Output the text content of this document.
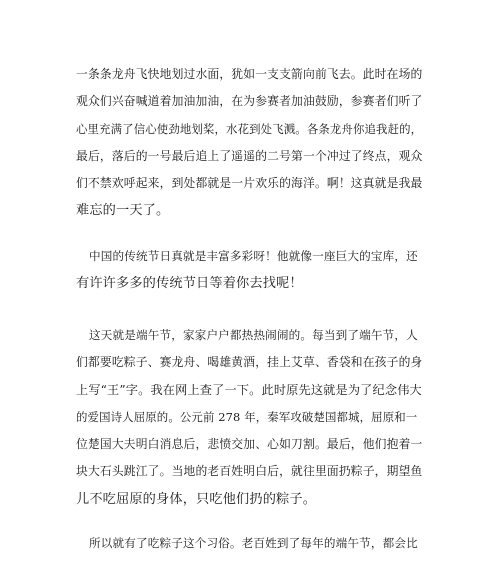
一条条龙舟飞快地划过水面，犹如一支支箭向前飞去。此时在场的
观众们兴奋喊道着加油加油，在为参赛者加油鼓励，参赛者们听了
心里充满了信心使劲地划桨，水花到处飞溅。各条龙舟你追我赶的，
最后，落后的一号最后追上了遥遥的二号第一个冲过了终点，观众
们不禁欢呼起来，到处都就是一片欢乐的海洋。啊！这真就是我最
难忘的一天了。
中国的传统节日真就是丰富多彩呀！他就像一座巨大的宝库，还
有许许多多的传统节日等着你去找呢！
这天就是端午节，家家户户都热热闹闹的。每当到了端午节，人
们都要吃粽子、赛龙舟、喝雄黄酒，挂上艾草、香袋和在孩子的身
上写“王”字。我在网上查了一下。此时原先这就是为了纪念伟大
的爱国诗人屈原的。公元前 278 年，秦军攻破楚国都城，屈原和一
位楚国大夫明白消息后，悲愤交加、心如刀割。最后，他们抱着一
块大石头跳江了。当地的老百姓明白后，就往里面扔粽子，期望鱼
儿不吃屈原的身体，只吃他们扔的粽子。
所以就有了吃粽子这个习俗。老百姓到了每年的端午节，都会比
